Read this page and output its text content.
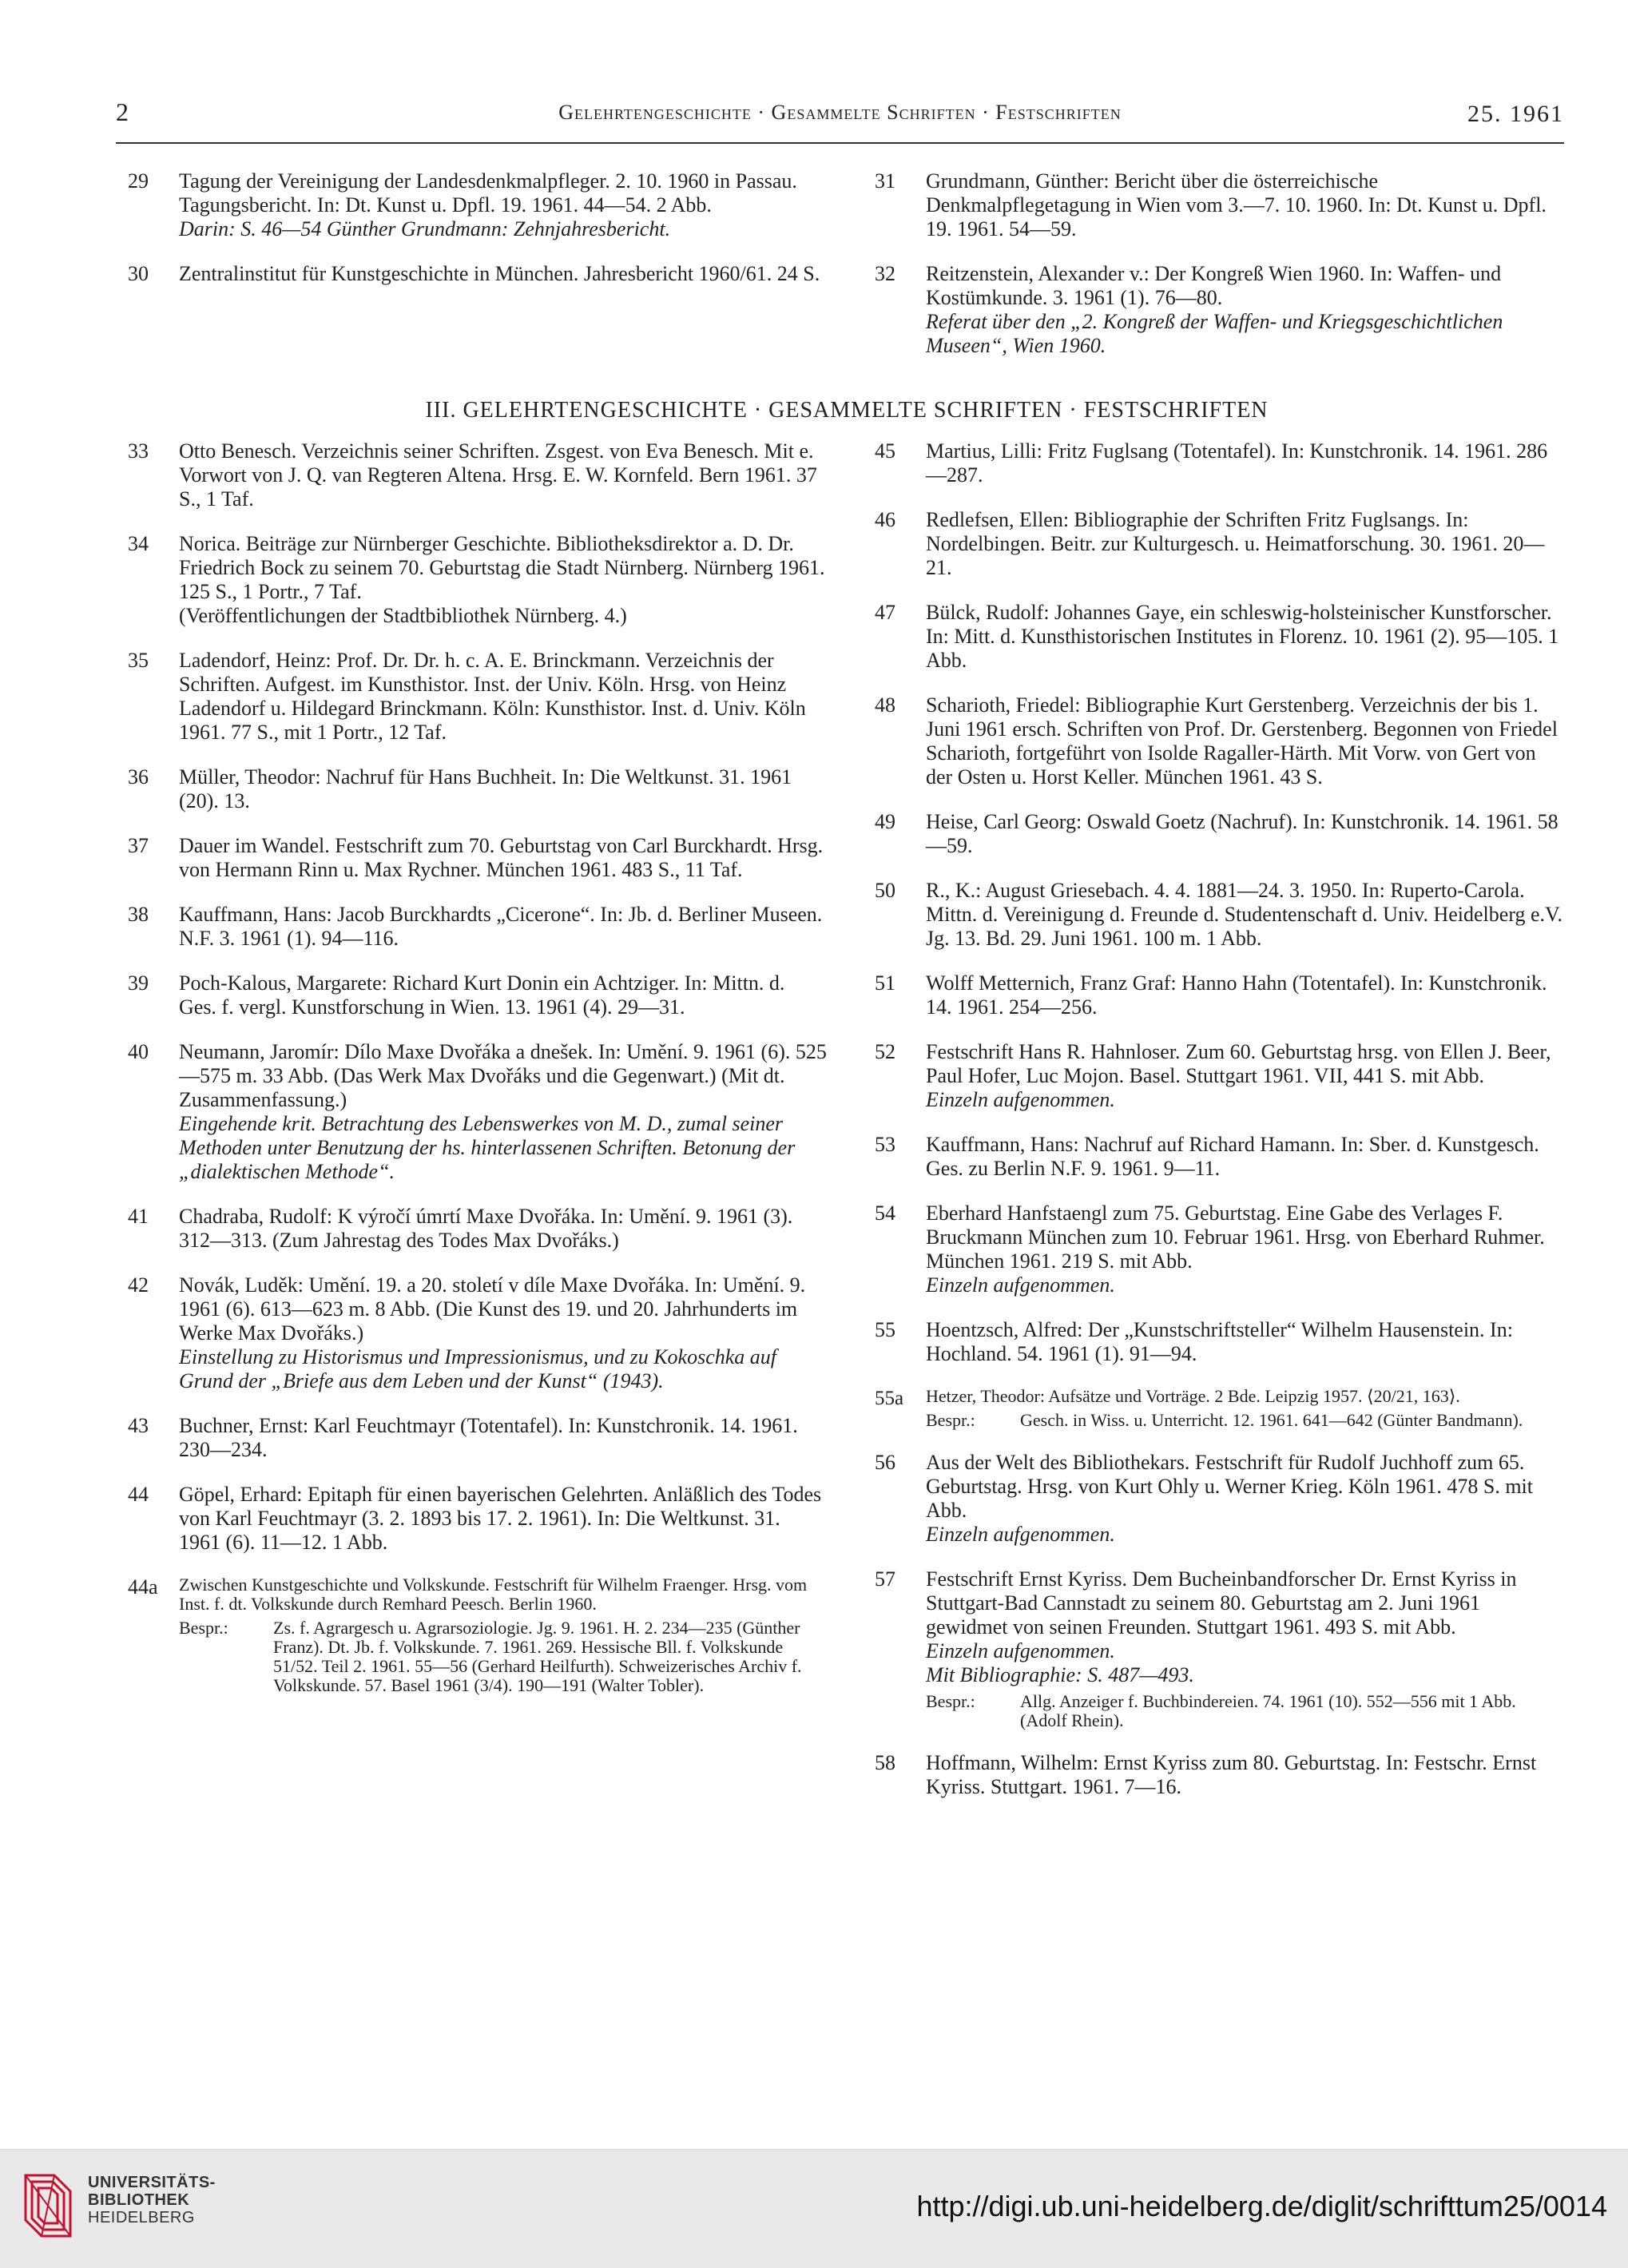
2	Gelehrtengeschichte · Gesammelte Schriften · Festschriften	25. 1961
29	Tagung der Vereinigung der Landesdenkmalpfleger. 2. 10. 1960 in Passau. Tagungsbericht. In: Dt. Kunst u. Dpfl. 19. 1961. 44—54. 2 Abb.
Darin: S. 46—54 Günther Grundmann: Zehnjahresbericht.
30	Zentralinstitut für Kunstgeschichte in München. Jahresbericht 1960/61. 24 S.
31	Grundmann, Günther: Bericht über die österreichische Denkmalpflegetagung in Wien vom 3.—7. 10. 1960. In: Dt. Kunst u. Dpfl. 19. 1961. 54—59.
32	Reitzenstein, Alexander v.: Der Kongreß Wien 1960. In: Waffen- und Kostümkunde. 3. 1961 (1). 76—80.
Referat über den „2. Kongreß der Waffen- und Kriegsgeschichtlichen Museen“, Wien 1960.
III. GELEHRTENGESCHICHTE · GESAMMELTE SCHRIFTEN · FESTSCHRIFTEN
33	Otto Benesch. Verzeichnis seiner Schriften. Zsgest. von Eva Benesch. Mit e. Vorwort von J. Q. van Regteren Altena. Hrsg. E. W. Kornfeld. Bern 1961. 37 S., 1 Taf.
34	Norica. Beiträge zur Nürnberger Geschichte. Bibliotheksdirektor a. D. Dr. Friedrich Bock zu seinem 70. Geburtstag die Stadt Nürnberg. Nürnberg 1961. 125 S., 1 Portr., 7 Taf.
(Veröffentlichungen der Stadtbibliothek Nürnberg. 4.)
35	Ladendorf, Heinz: Prof. Dr. Dr. h. c. A. E. Brinckmann. Verzeichnis der Schriften. Aufgest. im Kunsthistor. Inst. der Univ. Köln. Hrsg. von Heinz Ladendorf u. Hildegard Brinckmann. Köln: Kunsthistor. Inst. d. Univ. Köln 1961. 77 S., mit 1 Portr., 12 Taf.
36	Müller, Theodor: Nachruf für Hans Buchheit. In: Die Weltkunst. 31. 1961 (20). 13.
37	Dauer im Wandel. Festschrift zum 70. Geburtstag von Carl Burckhardt. Hrsg. von Hermann Rinn u. Max Rychner. München 1961. 483 S., 11 Taf.
38	Kauffmann, Hans: Jacob Burckhardts „Cicerone“. In: Jb. d. Berliner Museen. N.F. 3. 1961 (1). 94—116.
39	Poch-Kalous, Margarete: Richard Kurt Donin ein Achtziger. In: Mittn. d. Ges. f. vergl. Kunstforschung in Wien. 13. 1961 (4). 29—31.
40	Neumann, Jaromír: Dílo Maxe Dvořáka a dnešek. In: Umění. 9. 1961 (6). 525—575 m. 33 Abb. (Das Werk Max Dvořáks und die Gegenwart.) (Mit dt. Zusammenfassung.)
Eingehende krit. Betrachtung des Lebenswerkes von M. D., zumal seiner Methoden unter Benutzung der hs. hinterlassenen Schriften. Betonung der „dialektischen Methode“.
41	Chadraba, Rudolf: K výročí úmrtí Maxe Dvořáka. In: Umění. 9. 1961 (3). 312—313. (Zum Jahrestag des Todes Max Dvořáks.)
42	Novák, Luděk: Umění. 19. a 20. století v díle Maxe Dvořáka. In: Umění. 9. 1961 (6). 613—623 m. 8 Abb. (Die Kunst des 19. und 20. Jahrhunderts im Werke Max Dvořáks.)
Einstellung zu Historismus und Impressionismus, und zu Kokoschka auf Grund der „Briefe aus dem Leben und der Kunst“ (1943).
43	Buchner, Ernst: Karl Feuchtmayr (Totentafel). In: Kunstchronik. 14. 1961. 230—234.
44	Göpel, Erhard: Epitaph für einen bayerischen Gelehrten. Anläßlich des Todes von Karl Feuchtmayr (3. 2. 1893 bis 17. 2. 1961). In: Die Weltkunst. 31. 1961 (6). 11—12. 1 Abb.
44a	Zwischen Kunstgeschichte und Volkskunde. Festschrift für Wilhelm Fraenger. Hrsg. vom Inst. f. dt. Volkskunde durch Remhard Peesch. Berlin 1960.
Bespr.:	Zs. f. Agrargesch u. Agrarsoziologie. Jg. 9. 1961. H. 2. 234—235 (Günther Franz). Dt. Jb. f. Volkskunde. 7. 1961. 269. Hessische Bll. f. Volkskunde 51/52. Teil 2. 1961. 55—56 (Gerhard Heilfurth). Schweizerisches Archiv f. Volkskunde. 57. Basel 1961 (3/4). 190—191 (Walter Tobler).
45	Martius, Lilli: Fritz Fuglsang (Totentafel). In: Kunstchronik. 14. 1961. 286—287.
46	Redlefsen, Ellen: Bibliographie der Schriften Fritz Fuglsangs. In: Nordelbingen. Beitr. zur Kulturgesch. u. Heimatforschung. 30. 1961. 20—21.
47	Bülck, Rudolf: Johannes Gaye, ein schleswig-holsteinischer Kunstforscher. In: Mitt. d. Kunsthistorischen Institutes in Florenz. 10. 1961 (2). 95—105. 1 Abb.
48	Scharioth, Friedel: Bibliographie Kurt Gerstenberg. Verzeichnis der bis 1. Juni 1961 ersch. Schriften von Prof. Dr. Gerstenberg. Begonnen von Friedel Scharioth, fortgeführt von Isolde Ragaller-Härth. Mit Vorw. von Gert von der Osten u. Horst Keller. München 1961. 43 S.
49	Heise, Carl Georg: Oswald Goetz (Nachruf). In: Kunstchronik. 14. 1961. 58—59.
50	R., K.: August Griesebach. 4. 4. 1881—24. 3. 1950. In: Ruperto-Carola. Mittn. d. Vereinigung d. Freunde d. Studentenschaft d. Univ. Heidelberg e.V. Jg. 13. Bd. 29. Juni 1961. 100 m. 1 Abb.
51	Wolff Metternich, Franz Graf: Hanno Hahn (Totentafel). In: Kunstchronik. 14. 1961. 254—256.
52	Festschrift Hans R. Hahnloser. Zum 60. Geburtstag hrsg. von Ellen J. Beer, Paul Hofer, Luc Mojon. Basel. Stuttgart 1961. VII, 441 S. mit Abb.
Einzeln aufgenommen.
53	Kauffmann, Hans: Nachruf auf Richard Hamann. In: Sber. d. Kunstgesch. Ges. zu Berlin N.F. 9. 1961. 9—11.
54	Eberhard Hanfstaengl zum 75. Geburtstag. Eine Gabe des Verlages F. Bruckmann München zum 10. Februar 1961. Hrsg. von Eberhard Ruhmer. München 1961. 219 S. mit Abb.
Einzeln aufgenommen.
55	Hoentzsch, Alfred: Der „Kunstschriftsteller“ Wilhelm Hausenstein. In: Hochland. 54. 1961 (1). 91—94.
55a	Hetzer, Theodor: Aufsätze und Vorträge. 2 Bde. Leipzig 1957. ⟨20/21, 163⟩.
Bespr.:	Gesch. in Wiss. u. Unterricht. 12. 1961. 641—642 (Günter Bandmann).
56	Aus der Welt des Bibliothekars. Festschrift für Rudolf Juchhoff zum 65. Geburtstag. Hrsg. von Kurt Ohly u. Werner Krieg. Köln 1961. 478 S. mit Abb.
Einzeln aufgenommen.
57	Festschrift Ernst Kyriss. Dem Bucheinbandforscher Dr. Ernst Kyriss in Stuttgart-Bad Cannstadt zu seinem 80. Geburtstag am 2. Juni 1961 gewidmet von seinen Freunden. Stuttgart 1961. 493 S. mit Abb.
Einzeln aufgenommen.
Mit Bibliographie: S. 487—493.
Bespr.:	Allg. Anzeiger f. Buchbindereien. 74. 1961 (10). 552—556 mit 1 Abb. (Adolf Rhein).
58	Hoffmann, Wilhelm: Ernst Kyriss zum 80. Geburtstag. In: Festschr. Ernst Kyriss. Stuttgart. 1961. 7—16.
UNIVERSITÄTS-
BIBLIOTHEK
HEIDELBERG	http://digi.ub.uni-heidelberg.de/diglit/schrifttum25/0014
